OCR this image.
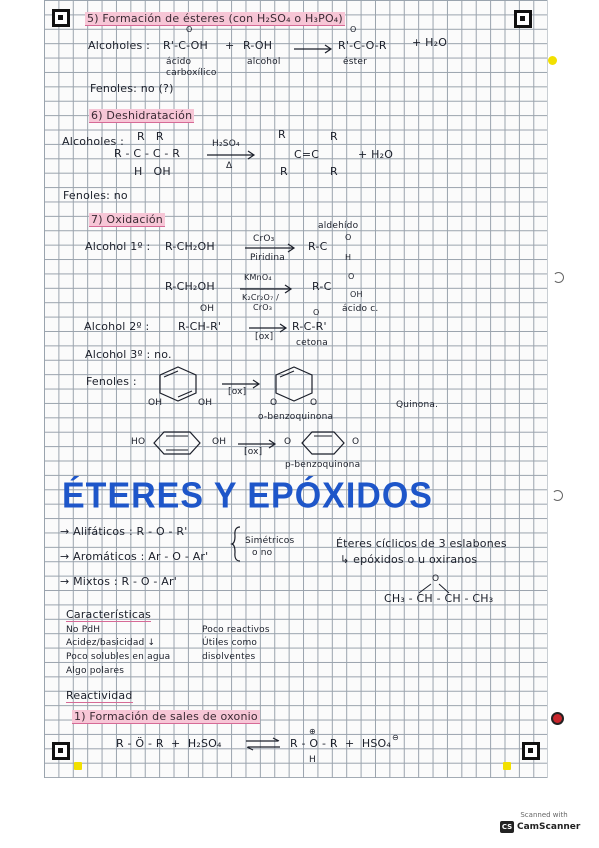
5) Formación de ésteres (con H₂SO₄ o H₃PO₄)
O
Alcoholes : R'-C-OH + R-OH →
O
R'-C-O-R + H₂O
ácido carboxílico
alcohol	éster
Fenoles: no (?)
6) Deshidratación
Alcoholes : R   R
R - C - C - R
H   OH
H₂SO₄
Δ
R	R
C=C
R	R
+ H₂O
Fenoles: no
7) Oxidación	aldehído
Alcohol 1º : R-CH₂OH
CrO₃
Piridina
R-C
O
H
R-CH₂OH
KMnO₄
K₂Cr₂O₇ /
CrO₃
R-C
O
OH
ácido c.
OH
Alcohol 2º :	R-CH-R'
[ox]
O
R-C-R'
cetona
Alcohol 3º : no.
Fenoles :
OH	OH
[ox]
O	O
o-benzoquinona
Quinona.
HO	OH →
[ox]
O	O
p-benzoquinona
ÉTERES Y EPÓXIDOS
→ Alifáticos : R - O - R'
→ Aromáticos : Ar - O - Ar'
→ Mixtos : R - O - Ar'
Simétricos
o no
Éteres cíclicos de 3 eslabones
↳ epóxidos o u oxiranos
O
CH₃ - CH - CH - CH₃
Características
No PdH	Poco reactivos
Acidez/basicidad ↓	Útiles como
Poco solubles en agua	disolventes
Algo polares
Reactividad
1) Formación de sales de oxonio
R - Ö - R  +  H₂SO₄
⊕
R - O - R  +  HSO₄ ⊖
H
Scanned with
CS CamScanner
